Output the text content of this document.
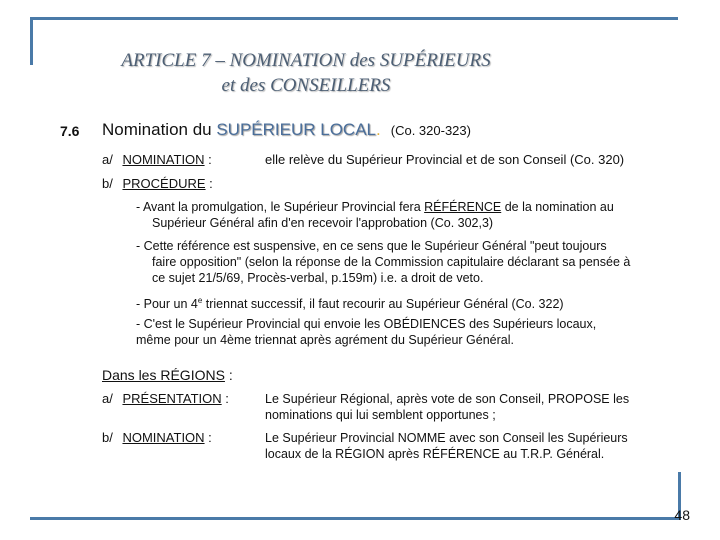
ARTICLE 7 – NOMINATION des SUPÉRIEURS
et des CONSEILLERS
7.6 Nomination du SUPÉRIEUR LOCAL. (Co. 320-323)
a/ NOMINATION :	elle relève du Supérieur Provincial et de son Conseil (Co. 320)
b/ PROCÉDURE :
- Avant la promulgation, le Supérieur Provincial fera RÉFÉRENCE de la nomination au
Supérieur Général afin d'en recevoir l'approbation (Co. 302,3)
- Cette référence est suspensive, en ce sens que le Supérieur Général "peut toujours
faire opposition" (selon la réponse de la Commission capitulaire déclarant sa pensée à
ce sujet 21/5/69, Procès-verbal, p.159m) i.e. a droit de veto.
- Pour un 4e triennat successif, il faut recourir au Supérieur Général (Co. 322)
- C'est le Supérieur Provincial qui envoie les OBÉDIENCES des Supérieurs locaux,
même pour un 4ème triennat après agrément du Supérieur Général.
Dans les RÉGIONS :
a/ PRÉSENTATION :	Le Supérieur Régional, après vote de son Conseil, PROPOSE les
nominations qui lui semblent opportunes ;
b/ NOMINATION :	Le Supérieur Provincial NOMME avec son Conseil les Supérieurs
locaux de la RÉGION après RÉFÉRENCE au T.R.P. Général.
48
